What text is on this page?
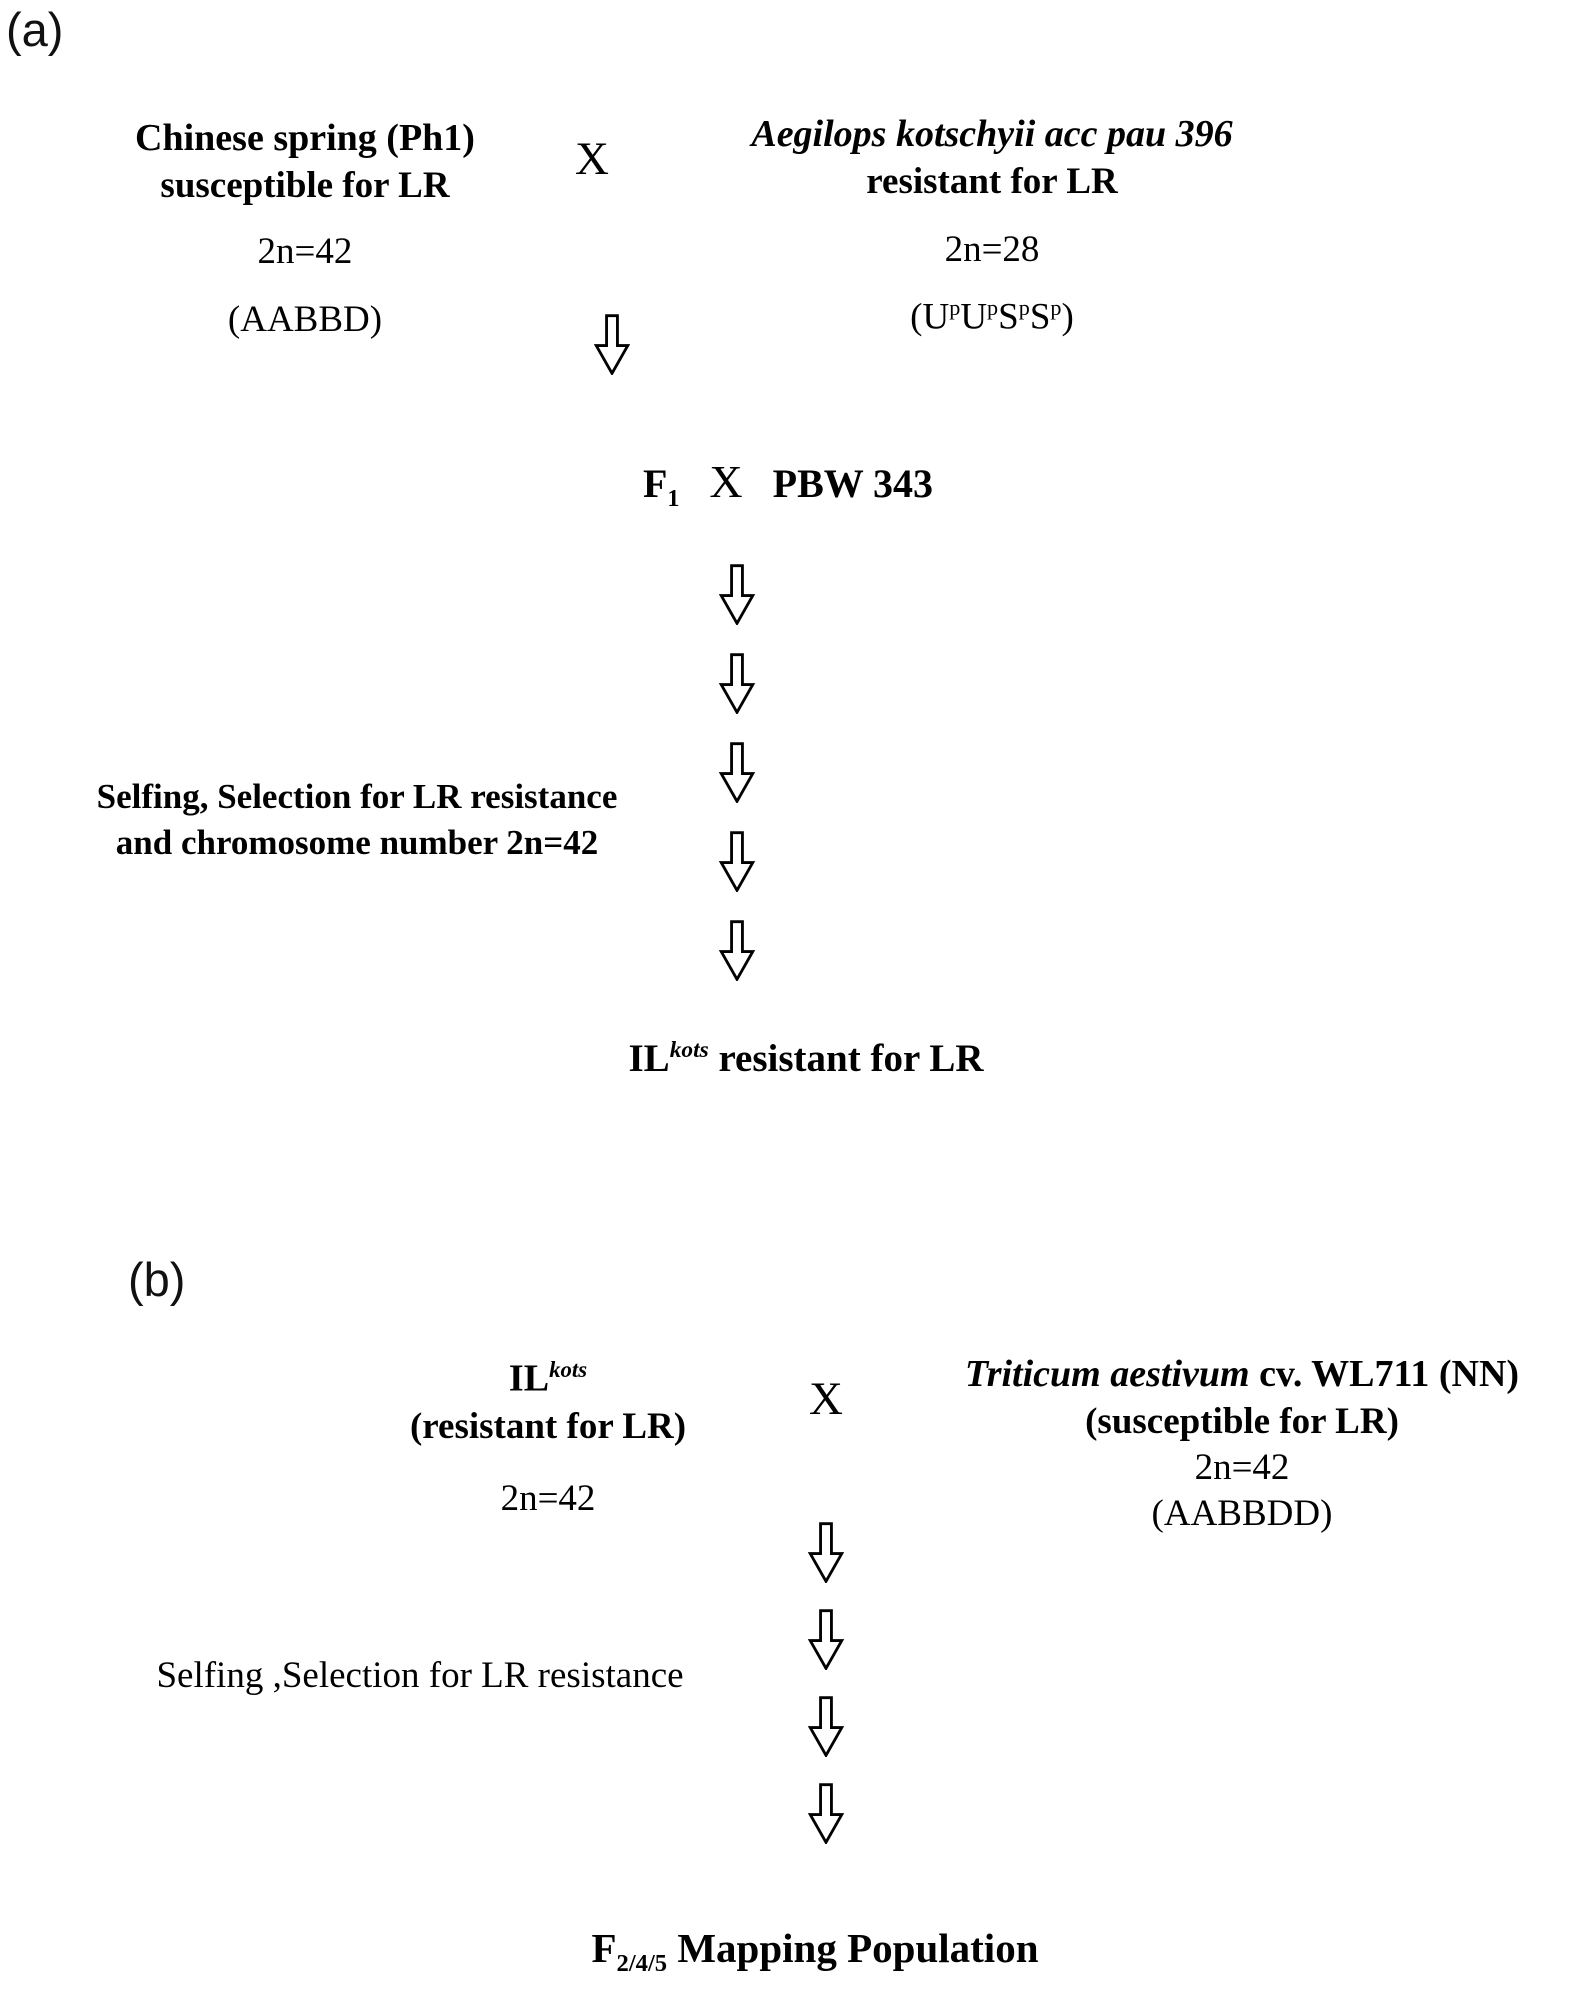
(a)
Chinese spring (Ph1)
susceptible for LR
2n=42
(AABBD)
X	Aegilops kotschyii acc pau 396
resistant for LR
2n=28
$(U^pU^pS^pS^p)$
$F_1$ X PBW 343
Selfing, Selection for LR resistance
and chromosome number 2n=42
$IL^{kots}$ resistant for LR
(b)
$IL^{kots}$
(resistant for LR)
2n=42
X	Triticum aestivum cv. WL711 (NN)
(susceptible for LR)
2n=42
(AABBDD)
Selfing ,Selection for LR resistance
$F_{2/4/5}$ Mapping Population
